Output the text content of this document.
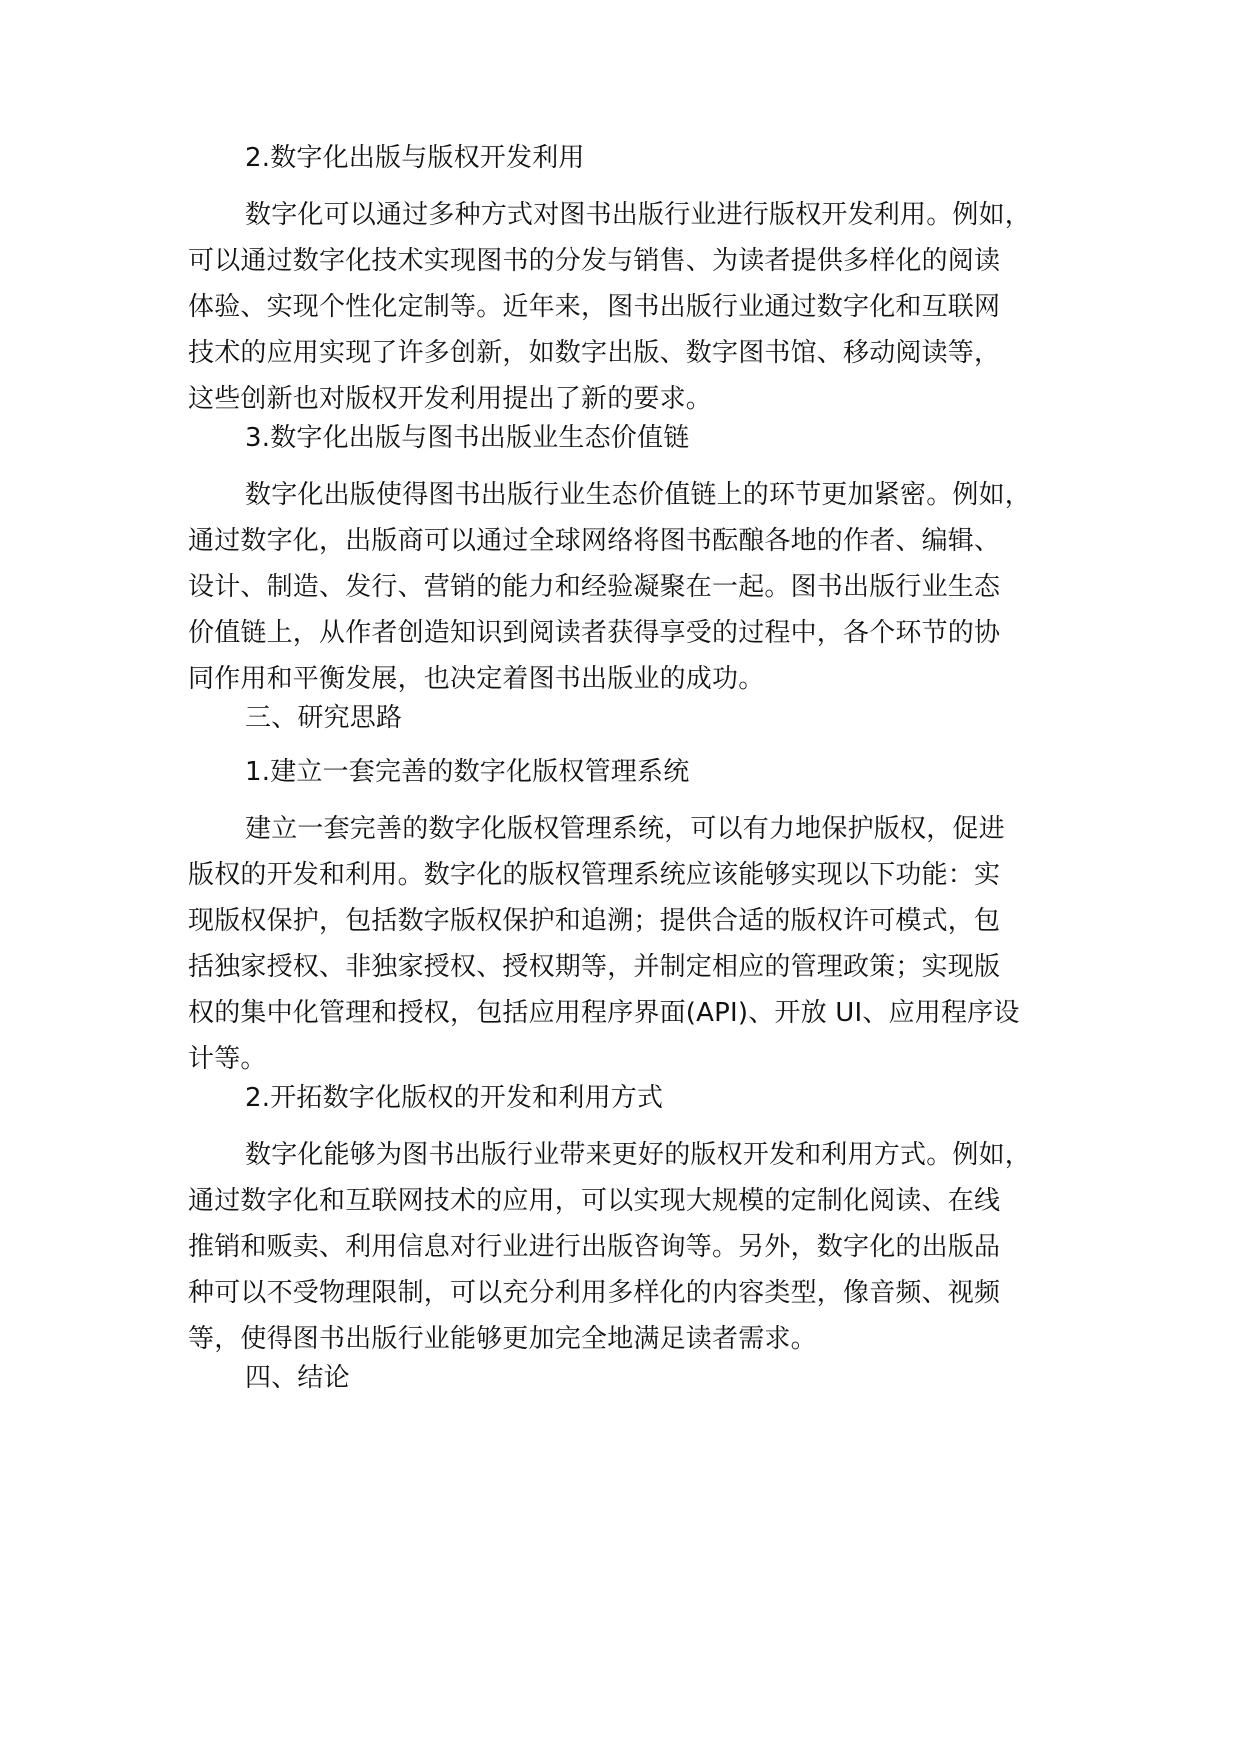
2.数字化出版与版权开发利用
数字化可以通过多种方式对图书出版行业进行版权开发利用。例如，
可以通过数字化技术实现图书的分发与销售、为读者提供多样化的阅读
体验、实现个性化定制等。近年来，图书出版行业通过数字化和互联网
技术的应用实现了许多创新，如数字出版、数字图书馆、移动阅读等，
这些创新也对版权开发利用提出了新的要求。
3.数字化出版与图书出版业生态价值链
数字化出版使得图书出版行业生态价值链上的环节更加紧密。例如，
通过数字化，出版商可以通过全球网络将图书酝酿各地的作者、编辑、
设计、制造、发行、营销的能力和经验凝聚在一起。图书出版行业生态
价值链上，从作者创造知识到阅读者获得享受的过程中，各个环节的协
同作用和平衡发展，也决定着图书出版业的成功。
三、研究思路
1.建立一套完善的数字化版权管理系统
建立一套完善的数字化版权管理系统，可以有力地保护版权，促进
版权的开发和利用。数字化的版权管理系统应该能够实现以下功能：实
现版权保护，包括数字版权保护和追溯；提供合适的版权许可模式，包
括独家授权、非独家授权、授权期等，并制定相应的管理政策；实现版
权的集中化管理和授权，包括应用程序界面(API)、开放 UI、应用程序设
计等。
2.开拓数字化版权的开发和利用方式
数字化能够为图书出版行业带来更好的版权开发和利用方式。例如，
通过数字化和互联网技术的应用，可以实现大规模的定制化阅读、在线
推销和贩卖、利用信息对行业进行出版咨询等。另外，数字化的出版品
种可以不受物理限制，可以充分利用多样化的内容类型，像音频、视频
等，使得图书出版行业能够更加完全地满足读者需求。
四、结论
